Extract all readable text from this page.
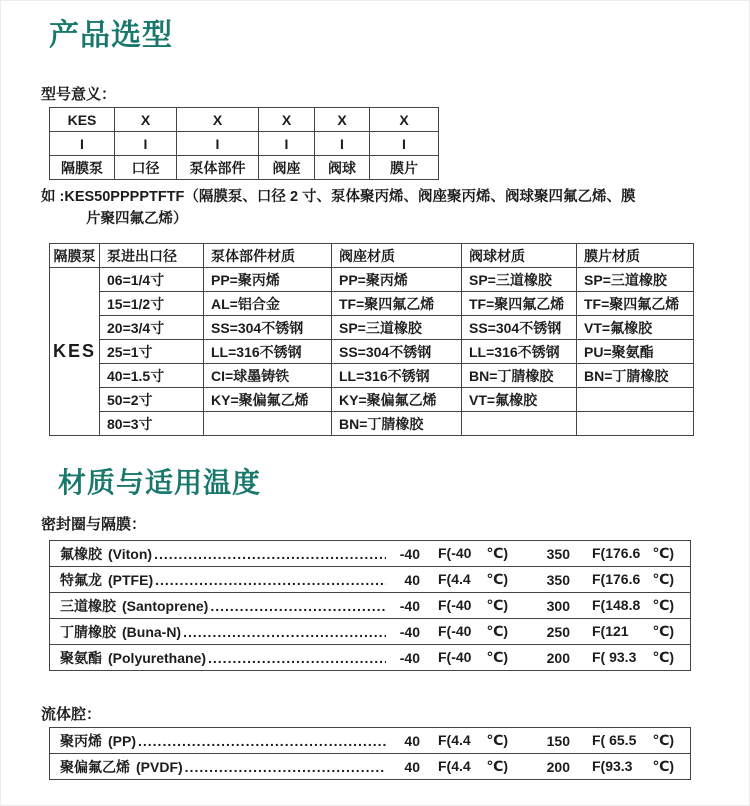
产品选型
型号意义：
KES	X	X	X	X	X
I	I	I	I	I	I
隔膜泵	口径	泵体部件	阀座	阀球	膜片

如 :KES50PPPPTFTF（隔膜泵、口径 2 寸、泵体聚丙烯、阀座聚丙烯、阀球聚四氟乙烯、膜
片聚四氟乙烯）

隔膜泵	泵进出口径	泵体部件材质	阀座材质	阀球材质	膜片材质
KES	06=1/4寸	PP=聚丙烯	PP=聚丙烯	SP=三道橡胶	SP=三道橡胶
	15=1/2寸	AL=铝合金	TF=聚四氟乙烯	TF=聚四氟乙烯	TF=聚四氟乙烯
	20=3/4寸	SS=304不锈钢	SP=三道橡胶	SS=304不锈钢	VT=氟橡胶
	25=1寸	LL=316不锈钢	SS=304不锈钢	LL=316不锈钢	PU=聚氨酯
	40=1.5寸	CI=球墨铸铁	LL=316不锈钢	BN=丁腈橡胶	BN=丁腈橡胶
	50=2寸	KY=聚偏氟乙烯	KY=聚偏氟乙烯	VT=氟橡胶	
	80=3寸		BN=丁腈橡胶		
材质与适用温度
密封圈与隔膜：
氟橡胶 (Viton) .....	-40 F(-40 ℃)	350 F(176.6 ℃)
特氟龙 (PTFE) .....	40 F(4.4 ℃)	350 F(176.6 ℃)
三道橡胶 (Santoprene) .....	-40 F(-40 ℃)	300 F(148.8 ℃)
丁腈橡胶 (Buna-N) .....	-40 F(-40 ℃)	250 F(121 ℃)
聚氨酯 (Polyurethane) .....	-40 F(-40 ℃)	200 F( 93.3 ℃)
流体腔：
聚丙烯 (PP) .....	40 F(4.4 ℃)	150 F( 65.5 ℃)
聚偏氟乙烯 (PVDF) .....	40 F(4.4 ℃)	200 F(93.3 ℃)
